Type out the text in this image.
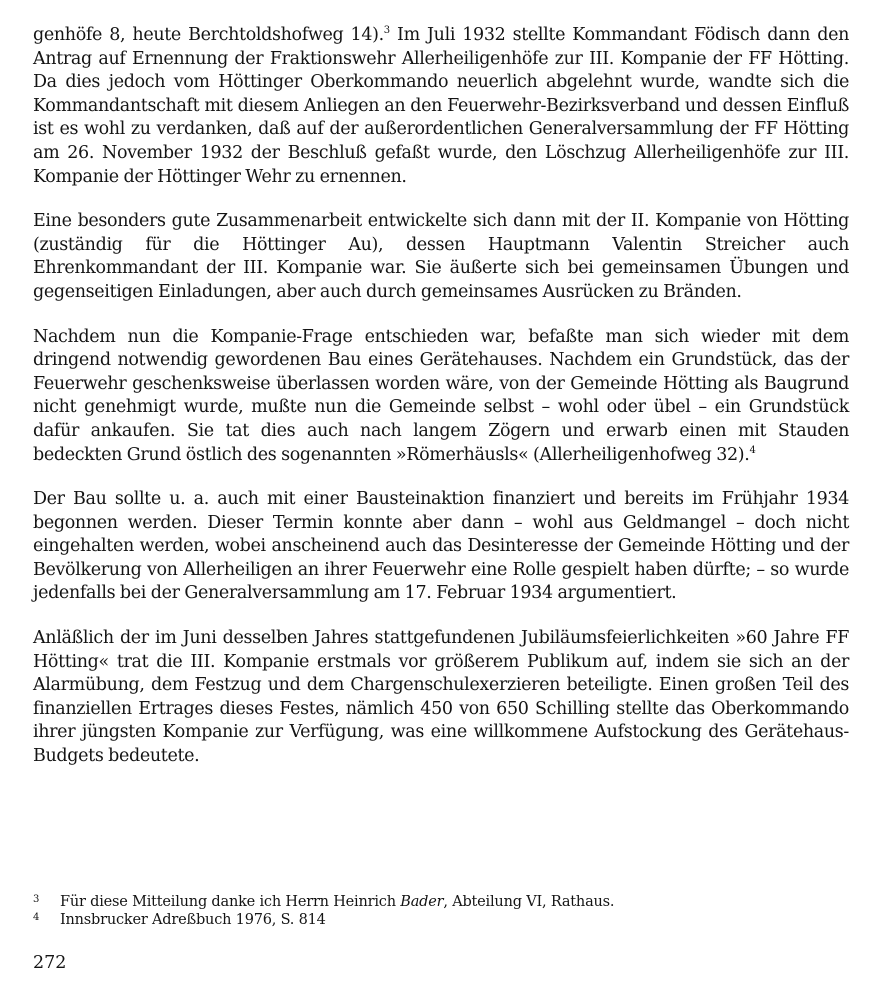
genhöfe 8, heute Berchtoldshofweg 14).$^3$ Im Juli 1932 stellte Kommandant Födisch dann den Antrag auf Ernennung der Fraktionswehr Allerheiligenhöfe zur III. Kompanie der FF Hötting. Da dies jedoch vom Höttinger Oberkommando neuerlich abgelehnt wurde, wandte sich die Kommandantschaft mit diesem Anliegen an den Feuerwehr-Bezirksverband und dessen Einfluß ist es wohl zu verdanken, daß auf der außerordentlichen Generalversammlung der FF Hötting am 26. November 1932 der Beschluß gefaßt wurde, den Löschzug Allerheiligenhöfe zur III. Kompanie der Höttinger Wehr zu ernennen.

Eine besonders gute Zusammenarbeit entwickelte sich dann mit der II. Kompanie von Hötting (zuständig für die Höttinger Au), dessen Hauptmann Valentin Streicher auch Ehrenkommandant der III. Kompanie war. Sie äußerte sich bei gemeinsamen Übungen und gegenseitigen Einladungen, aber auch durch gemeinsames Ausrücken zu Bränden.

Nachdem nun die Kompanie-Frage entschieden war, befaßte man sich wieder mit dem dringend notwendig gewordenen Bau eines Gerätehauses. Nachdem ein Grundstück, das der Feuerwehr geschenksweise überlassen worden wäre, von der Gemeinde Hötting als Baugrund nicht genehmigt wurde, mußte nun die Gemeinde selbst – wohl oder übel – ein Grundstück dafür ankaufen. Sie tat dies auch nach langem Zögern und erwarb einen mit Stauden bedeckten Grund östlich des sogenannten »Römerhäusls« (Allerheiligenhofweg 32).$^4$

Der Bau sollte u. a. auch mit einer Bausteinaktion finanziert und bereits im Frühjahr 1934 begonnen werden. Dieser Termin konnte aber dann – wohl aus Geldmangel – doch nicht eingehalten werden, wobei anscheinend auch das Desinteresse der Gemeinde Hötting und der Bevölkerung von Allerheiligen an ihrer Feuerwehr eine Rolle gespielt haben dürfte; – so wurde jedenfalls bei der Generalversammlung am 17. Februar 1934 argumentiert.

Anläßlich der im Juni desselben Jahres stattgefundenen Jubiläumsfeierlichkeiten »60 Jahre FF Hötting« trat die III. Kompanie erstmals vor größerem Publikum auf, indem sie sich an der Alarmübung, dem Festzug und dem Chargenschulexerzieren beteiligte. Einen großen Teil des finanziellen Ertrages dieses Festes, nämlich 450 von 650 Schilling stellte das Oberkommando ihrer jüngsten Kompanie zur Verfügung, was eine willkommene Aufstockung des Gerätehaus-Budgets bedeutete.

3	Für diese Mitteilung danke ich Herrn Heinrich Bader, Abteilung VI, Rathaus.

4	Innsbrucker Adreßbuch 1976, S. 814

272
